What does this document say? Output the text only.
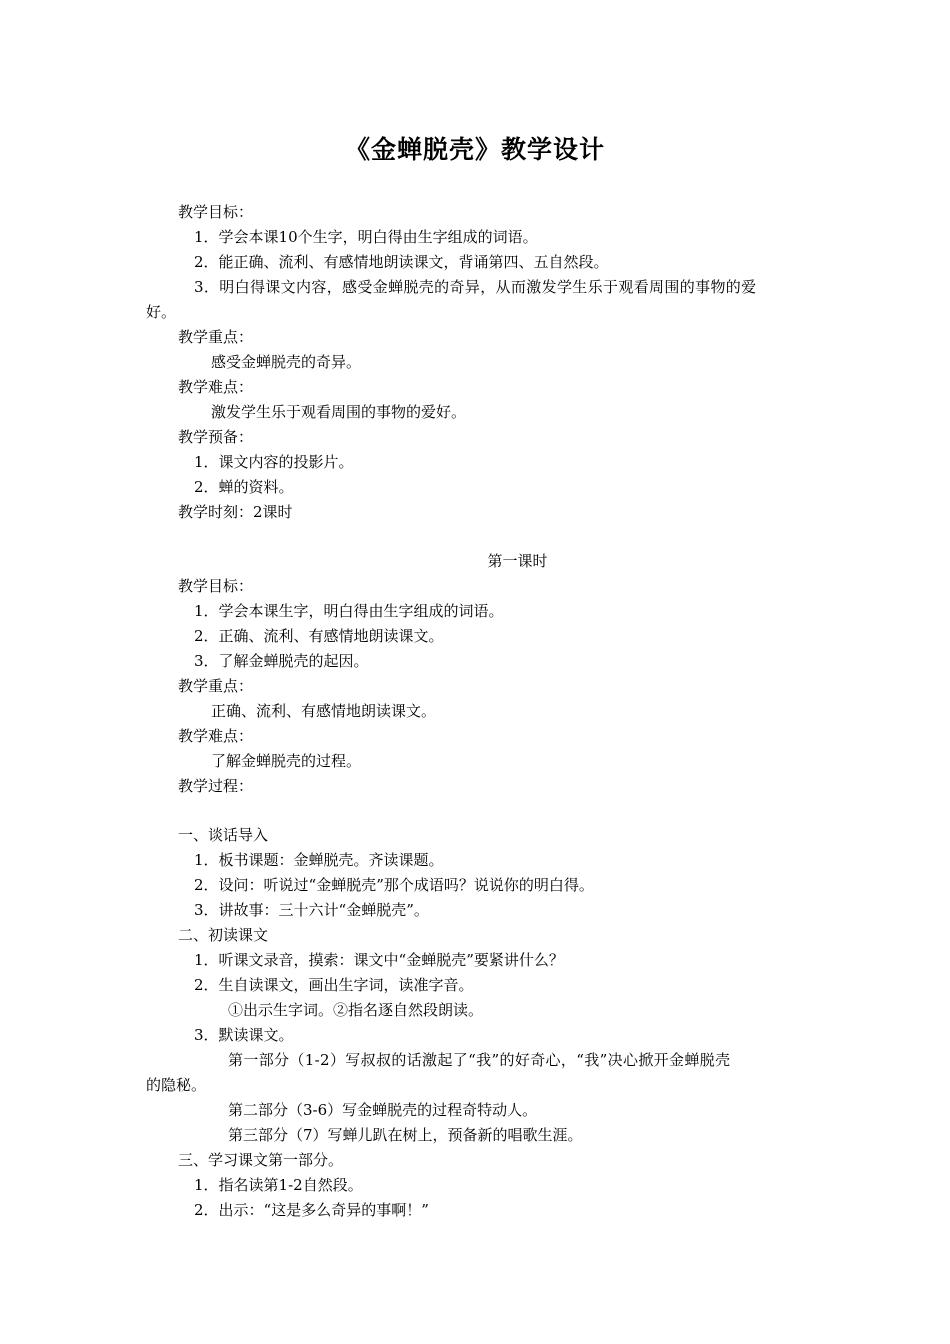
《金蝉脱壳》教学设计
教学目标：
1．学会本课10个生字，明白得由生字组成的词语。
2．能正确、流利、有感情地朗读课文，背诵第四、五自然段。
3．明白得课文内容，感受金蝉脱壳的奇异，从而激发学生乐于观看周围的事物的爱
好。
教学重点：
感受金蝉脱壳的奇异。
教学难点：
激发学生乐于观看周围的事物的爱好。
教学预备：
1．课文内容的投影片。
2．蝉的资料。
教学时刻：2课时
第一课时
教学目标：
1．学会本课生字，明白得由生字组成的词语。
2．正确、流利、有感情地朗读课文。
3．了解金蝉脱壳的起因。
教学重点：
正确、流利、有感情地朗读课文。
教学难点：
了解金蝉脱壳的过程。
教学过程：
一、谈话导入
1．板书课题：金蝉脱壳。齐读课题。
2．设问：听说过“金蝉脱壳”那个成语吗？说说你的明白得。
3．讲故事：三十六计“金蝉脱壳”。
二、初读课文
1．听课文录音，摸索：课文中“金蝉脱壳”要紧讲什么？
2．生自读课文，画出生字词，读准字音。
①出示生字词。②指名逐自然段朗读。
3．默读课文。
第一部分（1-2）写叔叔的话激起了“我”的好奇心，“我”决心掀开金蝉脱壳
的隐秘。
第二部分（3-6）写金蝉脱壳的过程奇特动人。
第三部分（7）写蝉儿趴在树上，预备新的唱歌生涯。
三、学习课文第一部分。
1．指名读第1-2自然段。
2．出示：“这是多么奇异的事啊！”
